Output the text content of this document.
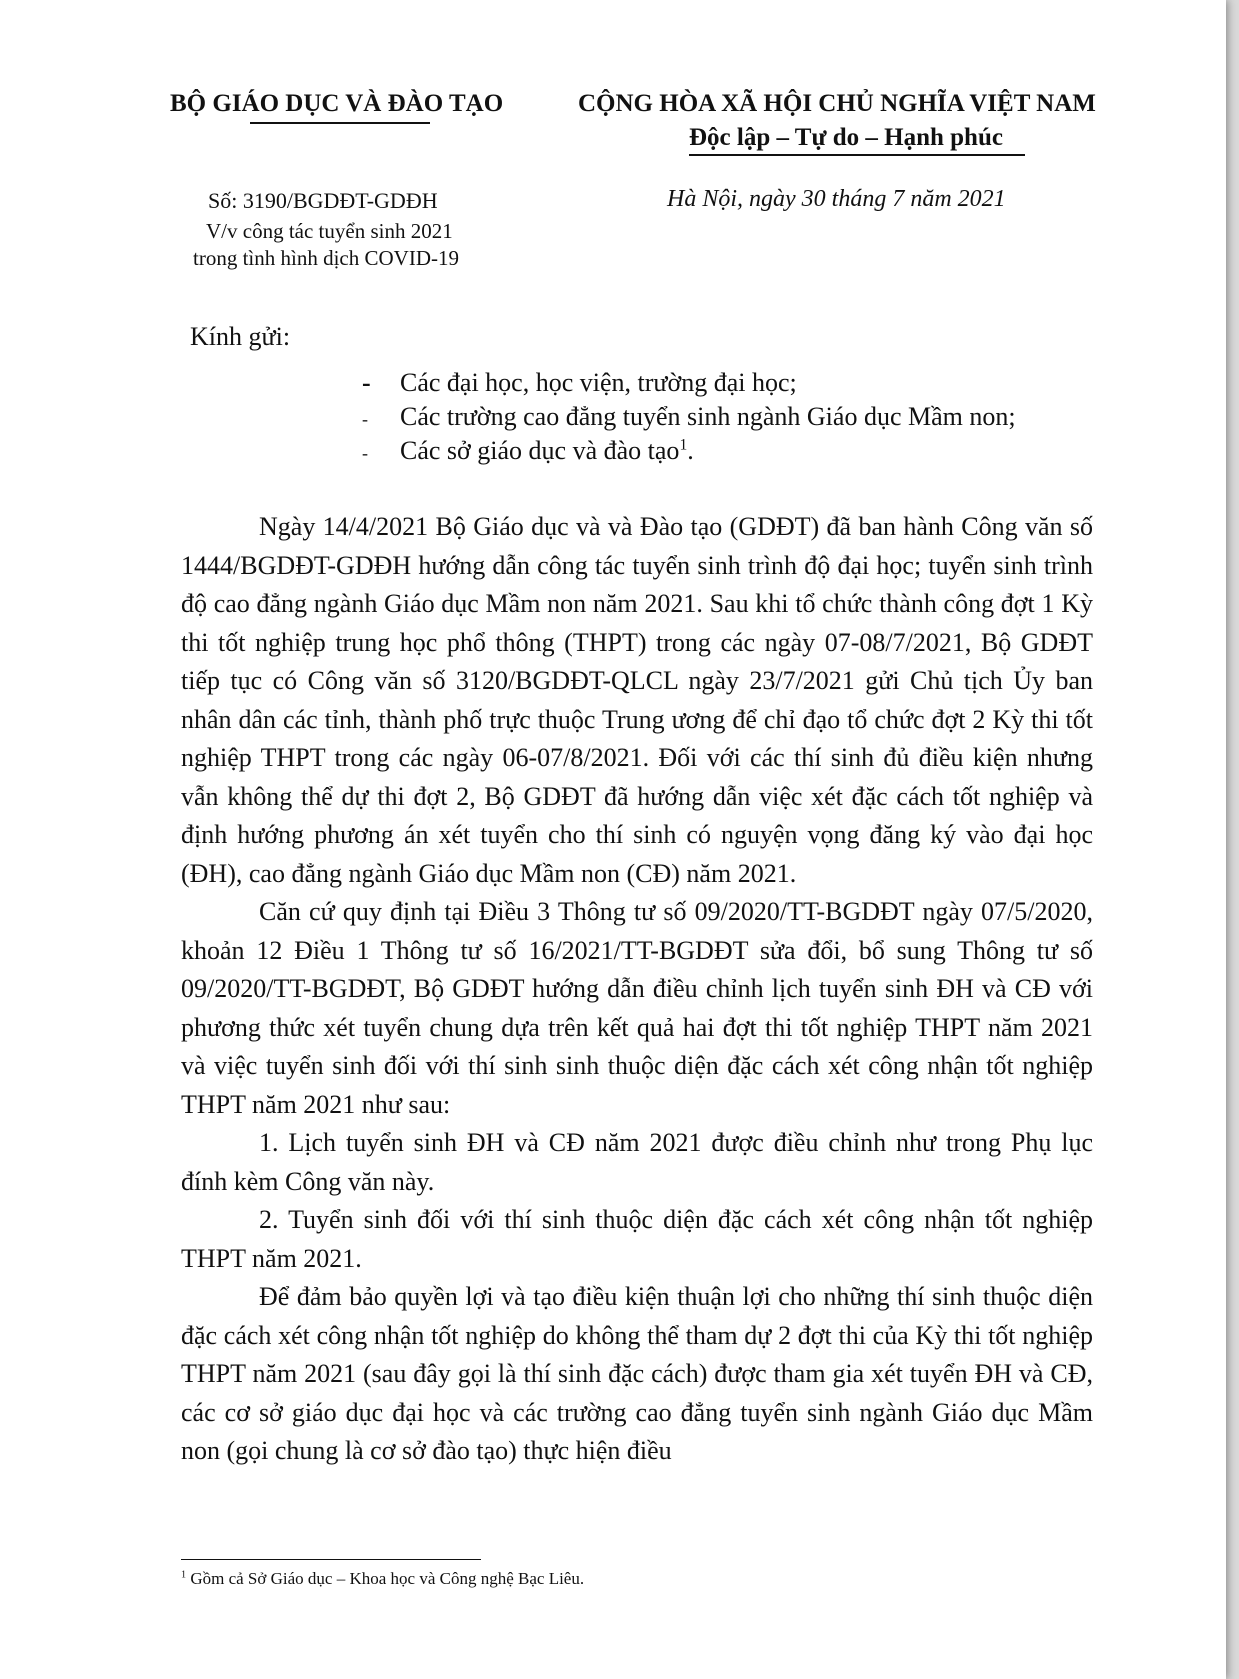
BỘ GIÁO DỤC VÀ ĐÀO TẠO	CỘNG HÒA XÃ HỘI CHỦ NGHĨA VIỆT NAM
Độc lập – Tự do – Hạnh phúc
Số: 3190/BGDĐT-GDĐH
V/v công tác tuyển sinh 2021
trong tình hình dịch COVID-19
Hà Nội, ngày 30 tháng 7 năm 2021
Kính gửi:
- Các đại học, học viện, trường đại học;
- Các trường cao đẳng tuyển sinh ngành Giáo dục Mầm non;
- Các sở giáo dục và đào tạo$^1$.

Ngày 14/4/2021 Bộ Giáo dục và và Đào tạo (GDĐT) đã ban hành Công văn số 1444/BGDĐT-GDĐH hướng dẫn công tác tuyển sinh trình độ đại học; tuyển sinh trình độ cao đẳng ngành Giáo dục Mầm non năm 2021. Sau khi tổ chức thành công đợt 1 Kỳ thi tốt nghiệp trung học phổ thông (THPT) trong các ngày 07-08/7/2021, Bộ GDĐT tiếp tục có Công văn số 3120/BGDĐT-QLCL ngày 23/7/2021 gửi Chủ tịch Ủy ban nhân dân các tỉnh, thành phố trực thuộc Trung ương để chỉ đạo tổ chức đợt 2 Kỳ thi tốt nghiệp THPT trong các ngày 06-07/8/2021. Đối với các thí sinh đủ điều kiện nhưng vẫn không thể dự thi đợt 2, Bộ GDĐT đã hướng dẫn việc xét đặc cách tốt nghiệp và định hướng phương án xét tuyển cho thí sinh có nguyện vọng đăng ký vào đại học (ĐH), cao đẳng ngành Giáo dục Mầm non (CĐ) năm 2021.

Căn cứ quy định tại Điều 3 Thông tư số 09/2020/TT-BGDĐT ngày 07/5/2020, khoản 12 Điều 1 Thông tư số 16/2021/TT-BGDĐT sửa đổi, bổ sung Thông tư số 09/2020/TT-BGDĐT, Bộ GDĐT hướng dẫn điều chỉnh lịch tuyển sinh ĐH và CĐ với phương thức xét tuyển chung dựa trên kết quả hai đợt thi tốt nghiệp THPT năm 2021 và việc tuyển sinh đối với thí sinh sinh thuộc diện đặc cách xét công nhận tốt nghiệp THPT năm 2021 như sau:

1. Lịch tuyển sinh ĐH và CĐ năm 2021 được điều chỉnh như trong Phụ lục đính kèm Công văn này.

2. Tuyển sinh đối với thí sinh thuộc diện đặc cách xét công nhận tốt nghiệp THPT năm 2021.

Để đảm bảo quyền lợi và tạo điều kiện thuận lợi cho những thí sinh thuộc diện đặc cách xét công nhận tốt nghiệp do không thể tham dự 2 đợt thi của Kỳ thi tốt nghiệp THPT năm 2021 (sau đây gọi là thí sinh đặc cách) được tham gia xét tuyển ĐH và CĐ, các cơ sở giáo dục đại học và các trường cao đẳng tuyển sinh ngành Giáo dục Mầm non (gọi chung là cơ sở đào tạo) thực hiện điều

$^1$ Gồm cả Sở Giáo dục – Khoa học và Công nghệ Bạc Liêu.
